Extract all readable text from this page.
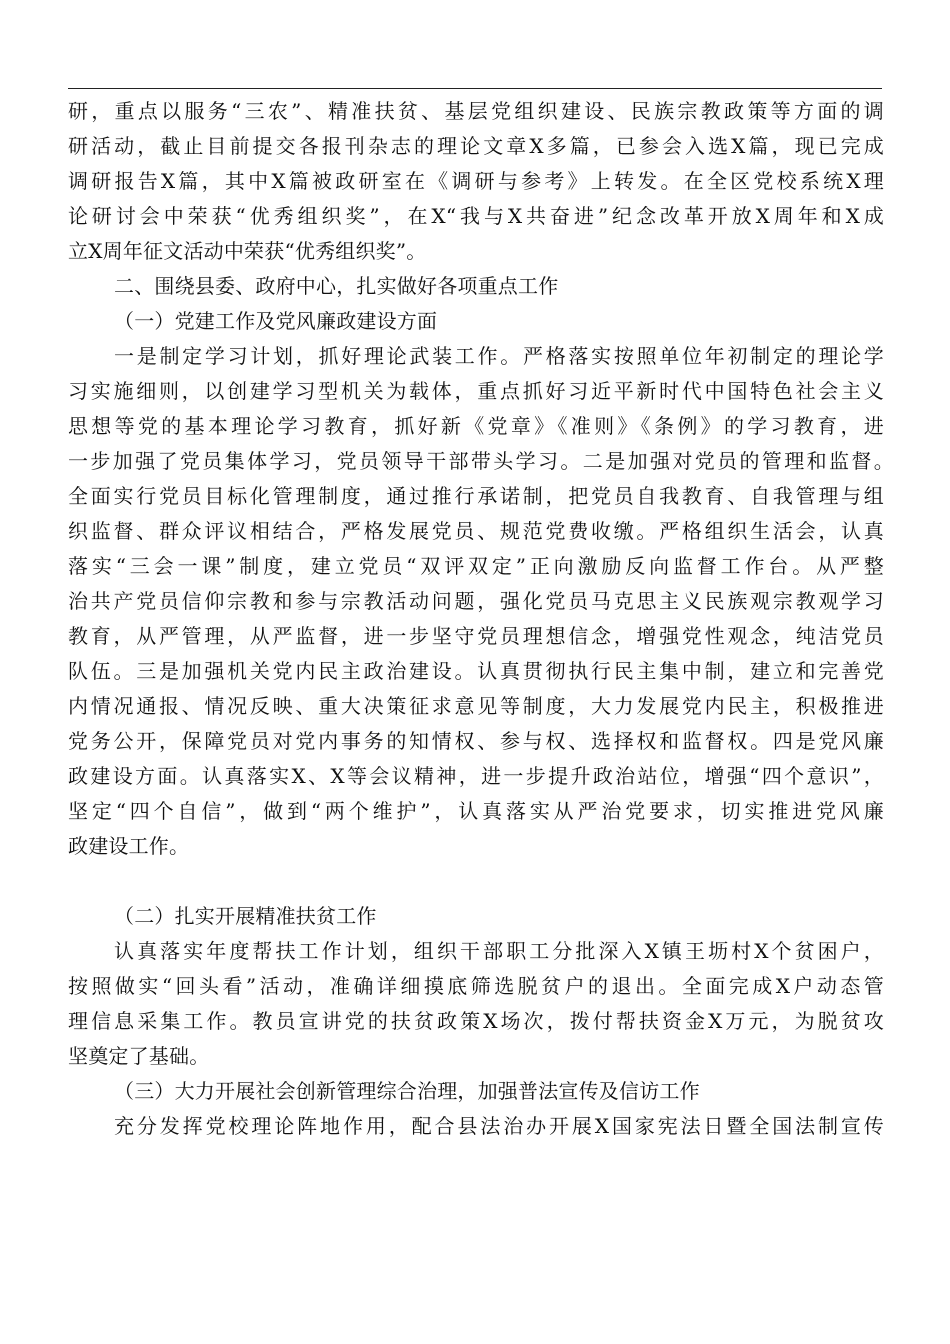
研，重点以服务“三农”、精准扶贫、基层党组织建设、民族宗教政策等方面的调
研活动，截止目前提交各报刊杂志的理论文章X多篇，已参会入选X篇，现已完成
调研报告X篇，其中X篇被政研室在《调研与参考》上转发。在全区党校系统X理
论研讨会中荣获“优秀组织奖”，在X“我与X共奋进”纪念改革开放X周年和X成
立X周年征文活动中荣获“优秀组织奖”。
二、围绕县委、政府中心，扎实做好各项重点工作
（一）党建工作及党风廉政建设方面
一是制定学习计划，抓好理论武装工作。严格落实按照单位年初制定的理论学
习实施细则，以创建学习型机关为载体，重点抓好习近平新时代中国特色社会主义
思想等党的基本理论学习教育，抓好新《党章》《准则》《条例》的学习教育，进
一步加强了党员集体学习，党员领导干部带头学习。二是加强对党员的管理和监督。
全面实行党员目标化管理制度，通过推行承诺制，把党员自我教育、自我管理与组
织监督、群众评议相结合，严格发展党员、规范党费收缴。严格组织生活会，认真
落实“三会一课”制度，建立党员“双评双定”正向激励反向监督工作台。从严整
治共产党员信仰宗教和参与宗教活动问题，强化党员马克思主义民族观宗教观学习
教育，从严管理，从严监督，进一步坚守党员理想信念，增强党性观念，纯洁党员
队伍。三是加强机关党内民主政治建设。认真贯彻执行民主集中制，建立和完善党
内情况通报、情况反映、重大决策征求意见等制度，大力发展党内民主，积极推进
党务公开，保障党员对党内事务的知情权、参与权、选择权和监督权。四是党风廉
政建设方面。认真落实X、X等会议精神，进一步提升政治站位，增强“四个意识”，
坚定“四个自信”，做到“两个维护”，认真落实从严治党要求，切实推进党风廉
政建设工作。
（二）扎实开展精准扶贫工作
认真落实年度帮扶工作计划，组织干部职工分批深入X镇王坜村X个贫困户，
按照做实“回头看”活动，准确详细摸底筛选脱贫户的退出。全面完成X户动态管
理信息采集工作。教员宣讲党的扶贫政策X场次，拨付帮扶资金X万元，为脱贫攻
坚奠定了基础。
（三）大力开展社会创新管理综合治理，加强普法宣传及信访工作
充分发挥党校理论阵地作用，配合县法治办开展X国家宪法日暨全国法制宣传
